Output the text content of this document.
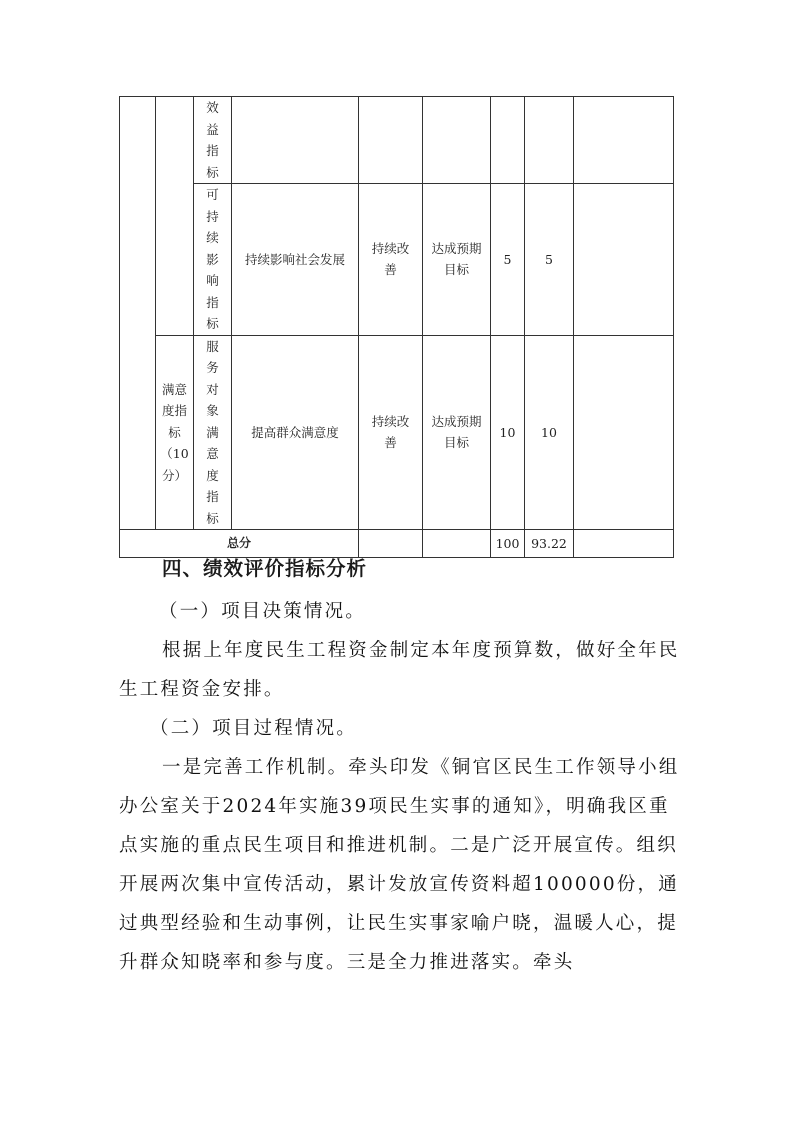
		效益指标						

		可持续影响指标	持续影响社会发展	持续改善	达成预期目标	5	5	

	满意度指标（10分）	服务对象满意度指标	提高群众满意度	持续改善	达成预期目标	10	10	
总分						100	93.22	
四、绩效评价指标分析

（一）项目决策情况。

根据上年度民生工程资金制定本年度预算数，做好全年民生工程资金安排。

（二）项目过程情况。

一是完善工作机制。牵头印发《铜官区民生工作领导小组办公室关于2024年实施39项民生实事的通知》，明确我区重点实施的重点民生项目和推进机制。二是广泛开展宣传。组织开展两次集中宣传活动，累计发放宣传资料超100000份，通过典型经验和生动事例，让民生实事家喻户晓，温暖人心，提升群众知晓率和参与度。三是全力推进落实。牵头
